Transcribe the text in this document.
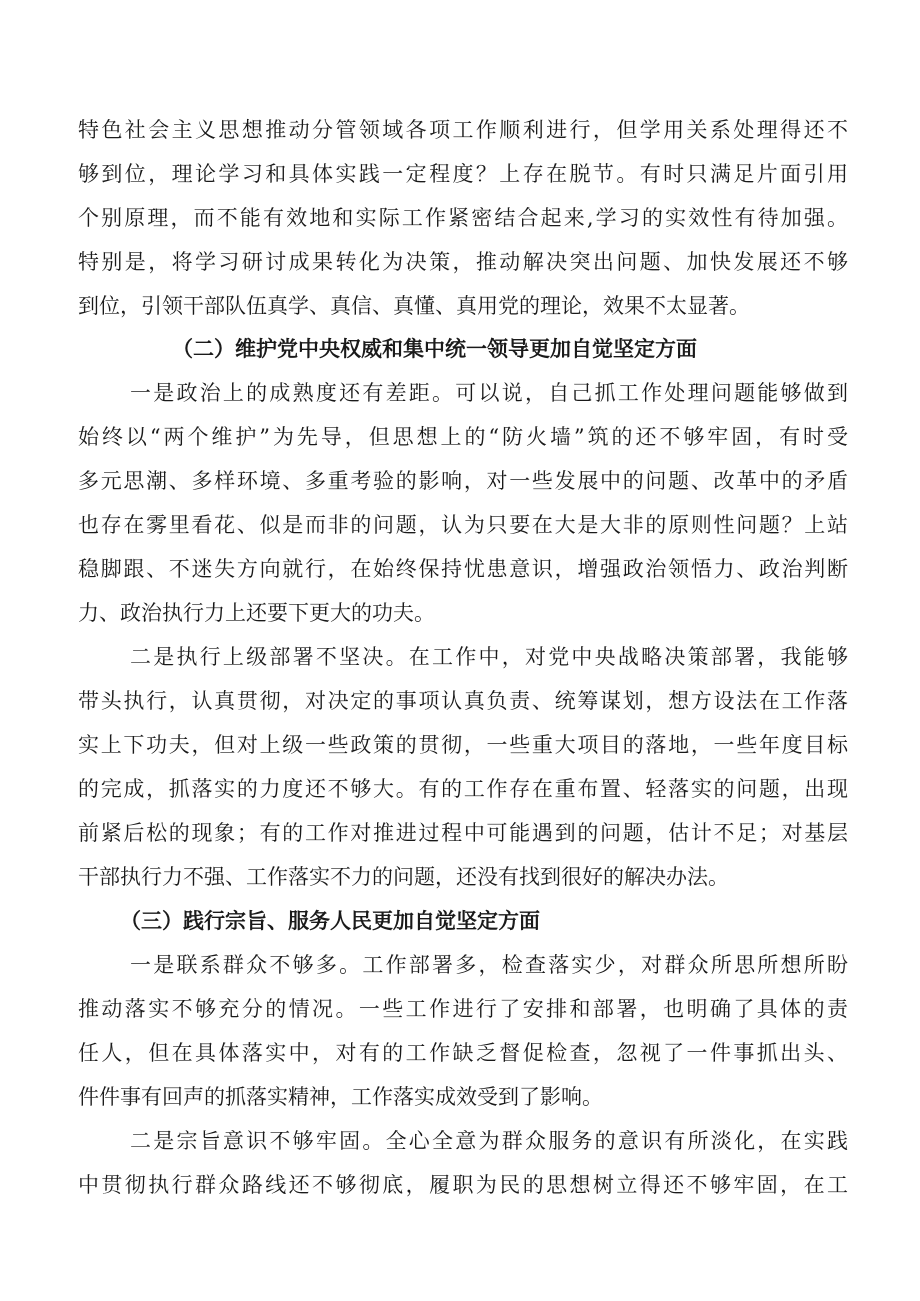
特色社会主义思想推动分管领域各项工作顺利进行，但学用关系处理得还不
够到位，理论学习和具体实践一定程度？上存在脱节。有时只满足片面引用
个别原理，而不能有效地和实际工作紧密结合起来,学习的实效性有待加强。
特别是，将学习研讨成果转化为决策，推动解决突出问题、加快发展还不够
到位，引领干部队伍真学、真信、真懂、真用党的理论，效果不太显著。
（二）维护党中央权威和集中统一领导更加自觉坚定方面
一是政治上的成熟度还有差距。可以说，自己抓工作处理问题能够做到
始终以“两个维护”为先导，但思想上的“防火墙”筑的还不够牢固，有时受
多元思潮、多样环境、多重考验的影响，对一些发展中的问题、改革中的矛盾
也存在雾里看花、似是而非的问题，认为只要在大是大非的原则性问题？上站
稳脚跟、不迷失方向就行，在始终保持忧患意识，增强政治领悟力、政治判断
力、政治执行力上还要下更大的功夫。
二是执行上级部署不坚决。在工作中，对党中央战略决策部署，我能够
带头执行，认真贯彻，对决定的事项认真负责、统筹谋划，想方设法在工作落
实上下功夫，但对上级一些政策的贯彻，一些重大项目的落地，一些年度目标
的完成，抓落实的力度还不够大。有的工作存在重布置、轻落实的问题，出现
前紧后松的现象；有的工作对推进过程中可能遇到的问题，估计不足；对基层
干部执行力不强、工作落实不力的问题，还没有找到很好的解决办法。
（三）践行宗旨、服务人民更加自觉坚定方面
一是联系群众不够多。工作部署多，检查落实少，对群众所思所想所盼
推动落实不够充分的情况。一些工作进行了安排和部署，也明确了具体的责
任人，但在具体落实中，对有的工作缺乏督促检查，忽视了一件事抓出头、
件件事有回声的抓落实精神，工作落实成效受到了影响。
二是宗旨意识不够牢固。全心全意为群众服务的意识有所淡化，在实践
中贯彻执行群众路线还不够彻底，履职为民的思想树立得还不够牢固，在工
